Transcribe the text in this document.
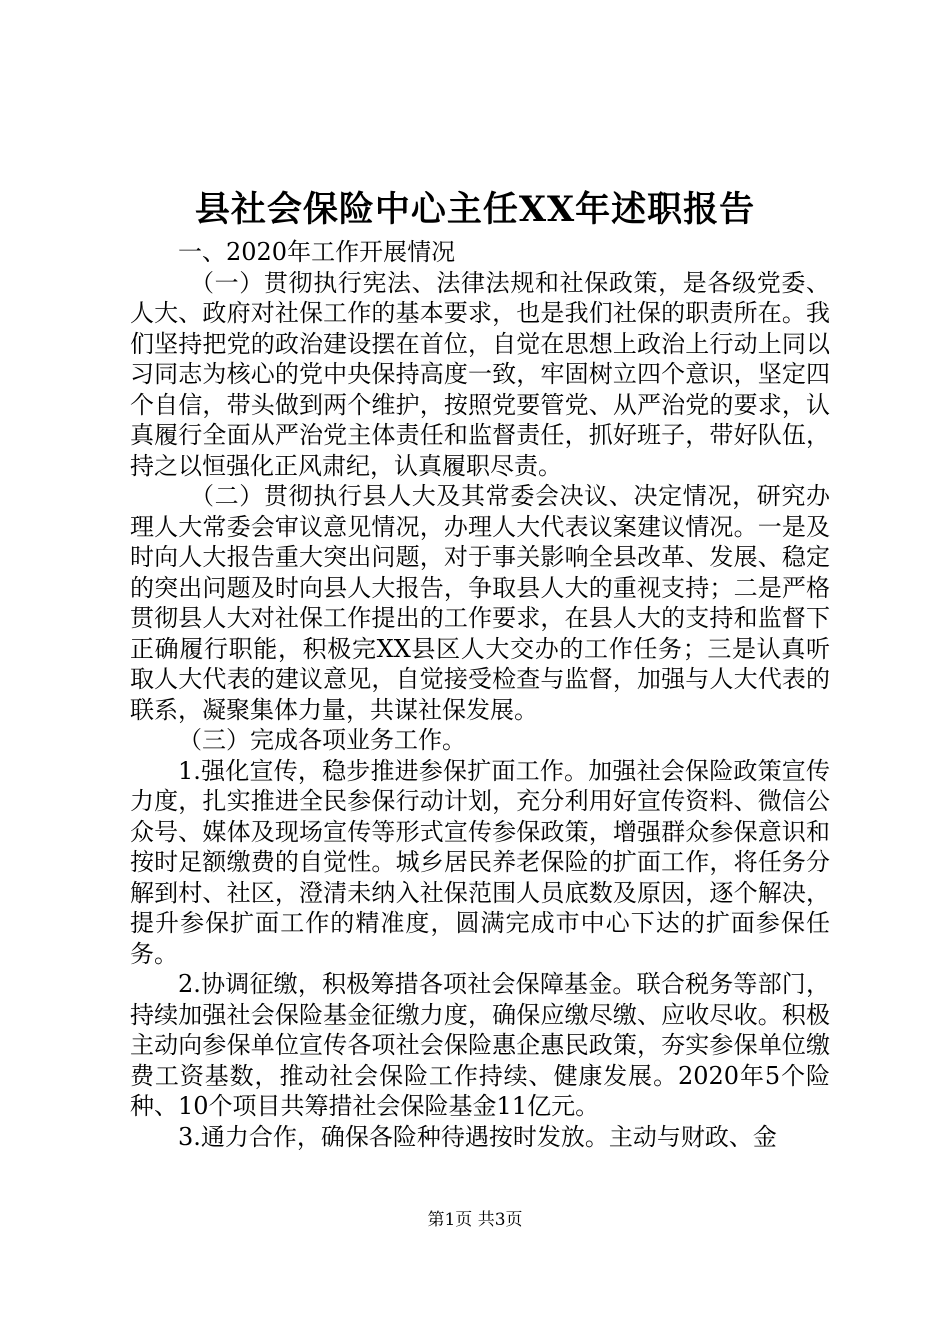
县社会保险中心主任XX年述职报告

一、2020年工作开展情况

（一）贯彻执行宪法、法律法规和社保政策，是各级党委、人大、政府对社保工作的基本要求，也是我们社保的职责所在。我们坚持把党的政治建设摆在首位，自觉在思想上政治上行动上同以习同志为核心的党中央保持高度一致，牢固树立四个意识，坚定四个自信，带头做到两个维护，按照党要管党、从严治党的要求，认真履行全面从严治党主体责任和监督责任，抓好班子，带好队伍，持之以恒强化正风肃纪，认真履职尽责。

（二）贯彻执行县人大及其常委会决议、决定情况，研究办理人大常委会审议意见情况，办理人大代表议案建议情况。一是及时向人大报告重大突出问题，对于事关影响全县改革、发展、稳定的突出问题及时向县人大报告，争取县人大的重视支持；二是严格贯彻县人大对社保工作提出的工作要求，在县人大的支持和监督下正确履行职能，积极完XX县区人大交办的工作任务；三是认真听取人大代表的建议意见，自觉接受检查与监督，加强与人大代表的联系，凝聚集体力量，共谋社保发展。

（三）完成各项业务工作。

1.强化宣传，稳步推进参保扩面工作。加强社会保险政策宣传力度，扎实推进全民参保行动计划，充分利用好宣传资料、微信公众号、媒体及现场宣传等形式宣传参保政策，增强群众参保意识和按时足额缴费的自觉性。城乡居民养老保险的扩面工作，将任务分解到村、社区，澄清未纳入社保范围人员底数及原因，逐个解决，提升参保扩面工作的精准度，圆满完成市中心下达的扩面参保任务。

2.协调征缴，积极筹措各项社会保障基金。联合税务等部门，持续加强社会保险基金征缴力度，确保应缴尽缴、应收尽收。积极主动向参保单位宣传各项社会保险惠企惠民政策，夯实参保单位缴费工资基数，推动社会保险工作持续、健康发展。2020年5个险种、10个项目共筹措社会保险基金11亿元。

3.通力合作，确保各险种待遇按时发放。主动与财政、金

第1页 共3页
